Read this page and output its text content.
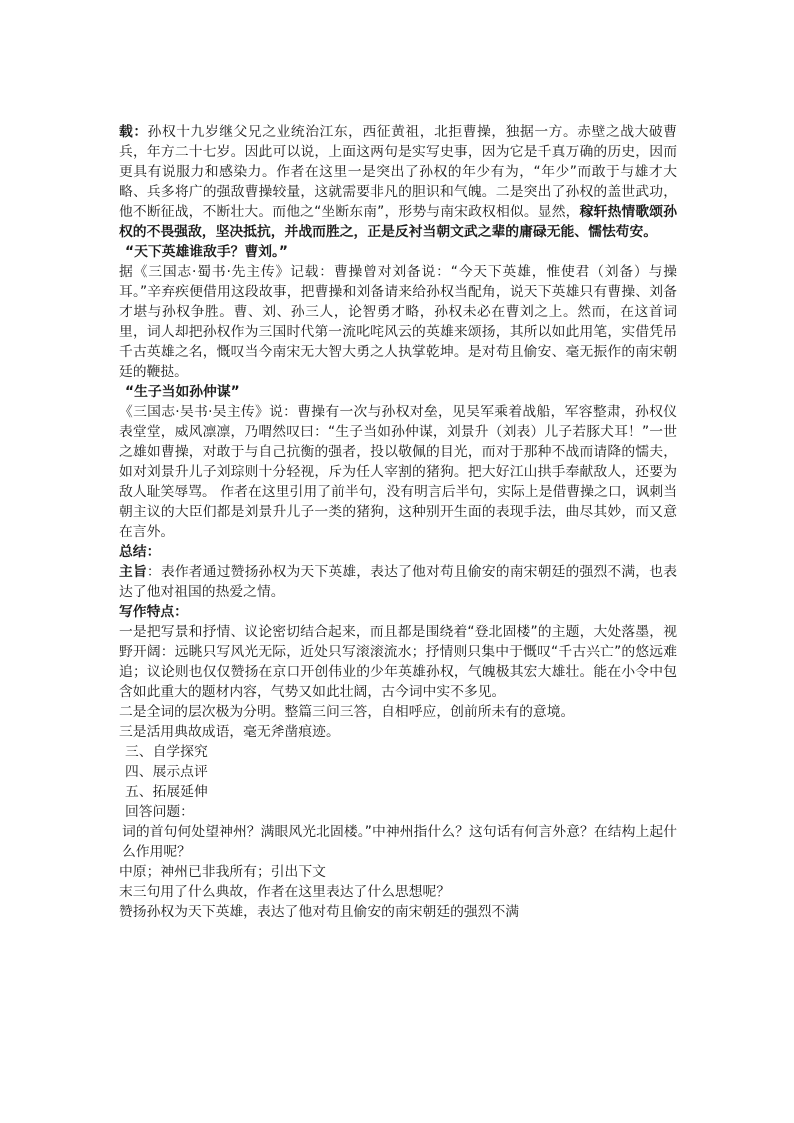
载：孙权十九岁继父兄之业统治江东，西征黄祖，北拒曹操，独据一方。赤壁之战大破曹兵，年方二十七岁。因此可以说，上面这两句是实写史事，因为它是千真万确的历史，因而更具有说服力和感染力。作者在这里一是突出了孙权的年少有为，“年少”而敢于与雄才大略、兵多将广的强敌曹操较量，这就需要非凡的胆识和气魄。二是突出了孙权的盖世武功，他不断征战，不断壮大。而他之“坐断东南”，形势与南宋政权相似。显然，稼轩热情歌颂孙权的不畏强敌，坚决抵抗，并战而胜之，正是反衬当朝文武之辈的庸碌无能、懦怯苟安。

“天下英雄谁敌手？曹刘。”

据《三国志·蜀书·先主传》记载：曹操曾对刘备说：“今天下英雄，惟使君（刘备）与操耳。”辛弃疾便借用这段故事，把曹操和刘备请来给孙权当配角，说天下英雄只有曹操、刘备才堪与孙权争胜。曹、刘、孙三人，论智勇才略，孙权未必在曹刘之上。然而，在这首词里，词人却把孙权作为三国时代第一流叱咤风云的英雄来颂扬，其所以如此用笔，实借凭吊千古英雄之名，慨叹当今南宋无大智大勇之人执掌乾坤。是对苟且偷安、毫无振作的南宋朝廷的鞭挞。

“生子当如孙仲谋”

《三国志·吴书·吴主传》说：曹操有一次与孙权对垒，见吴军乘着战船，军容整肃，孙权仪表堂堂，威风凛凛，乃喟然叹曰：“生子当如孙仲谋，刘景升（刘表）儿子若豚犬耳！”一世之雄如曹操，对敢于与自己抗衡的强者，投以敬佩的目光，而对于那种不战而请降的懦夫，如对刘景升儿子刘琮则十分轻视，斥为任人宰割的猪狗。把大好江山拱手奉献敌人，还要为敌人耻笑辱骂。 作者在这里引用了前半句，没有明言后半句，实际上是借曹操之口，讽刺当朝主议的大臣们都是刘景升儿子一类的猪狗，这种别开生面的表现手法，曲尽其妙，而又意在言外。

总结：

主旨：表作者通过赞扬孙权为天下英雄，表达了他对苟且偷安的南宋朝廷的强烈不满，也表达了他对祖国的热爱之情。

写作特点：

一是把写景和抒情、议论密切结合起来，而且都是围绕着“登北固楼”的主题，大处落墨，视野开阔：远眺只写风光无际，近处只写滚滚流水；抒情则只集中于慨叹“千古兴亡”的悠远难追；议论则也仅仅赞扬在京口开创伟业的少年英雄孙权，气魄极其宏大雄壮。能在小令中包含如此重大的题材内容，气势又如此壮阔，古今词中实不多见。

二是全词的层次极为分明。整篇三问三答，自相呼应，创前所未有的意境。

三是活用典故成语，毫无斧凿痕迹。

三、自学探究

四、展示点评

五、拓展延伸

回答问题：

词的首句何处望神州？满眼风光北固楼。”中神州指什么？这句话有何言外意？在结构上起什么作用呢？

中原；神州已非我所有；引出下文

末三句用了什么典故，作者在这里表达了什么思想呢？

赞扬孙权为天下英雄，表达了他对苟且偷安的南宋朝廷的强烈不满
